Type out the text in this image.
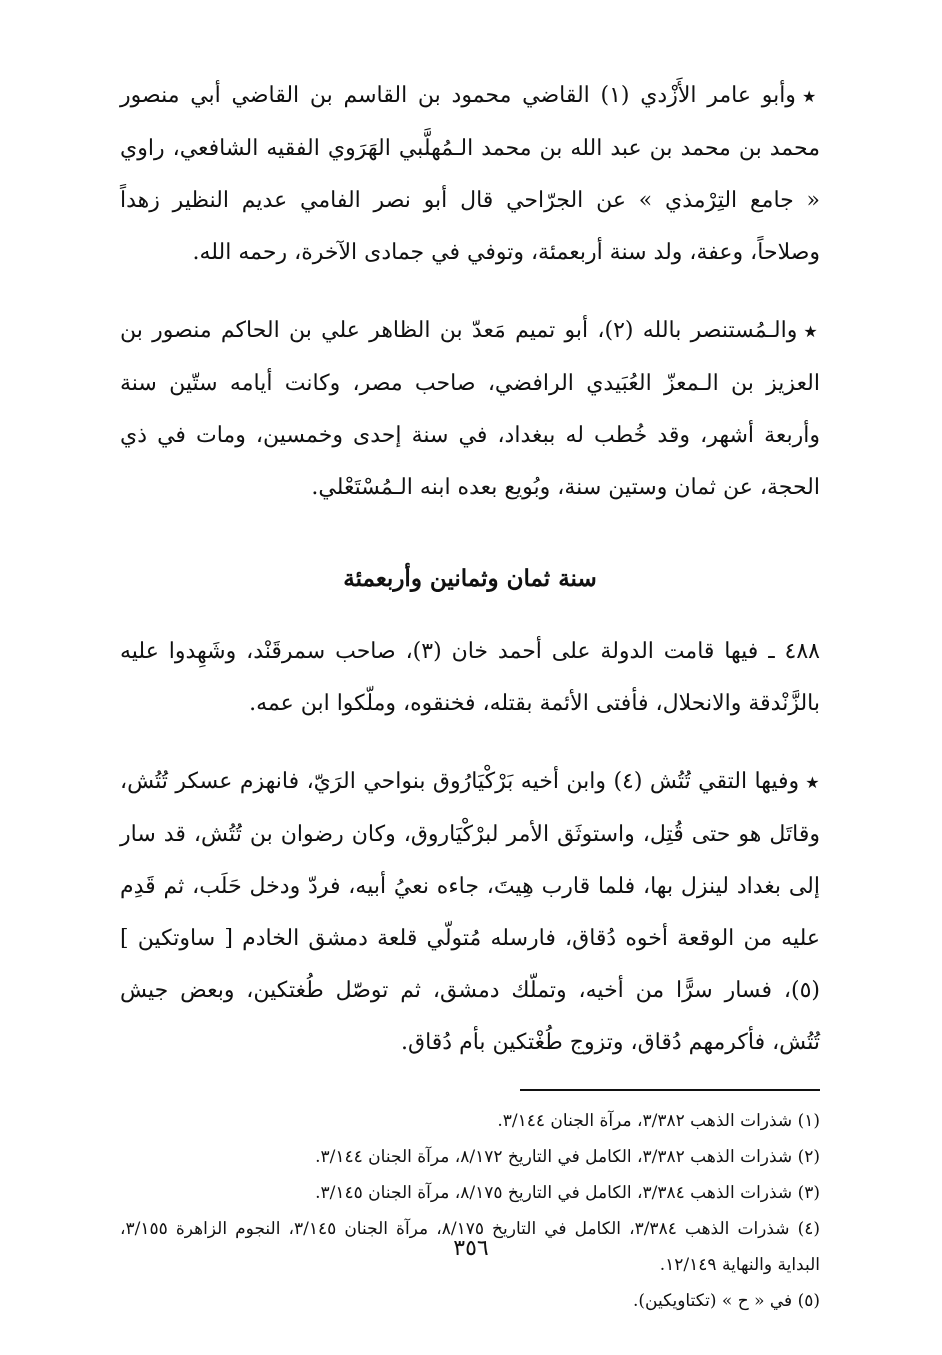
★وأبو عامر الأَزْدي (١) القاضي محمود بن القاسم بن القاضي أبي منصور محمد بن محمد بن عبد الله بن محمد الـمُهلَّبي الهَرَوي الفقيه الشافعي، راوي « جامع التِرْمذي » عن الجرّاحي قال أبو نصر الفامي عديم النظير زهداً وصلاحاً، وعفة، ولد سنة أربعمئة، وتوفي في جمادى الآخرة، رحمه الله.

★والـمُستنصر بالله (٢)، أبو تميم مَعدّ بن الظاهر علي بن الحاكم منصور بن العزيز بن الـمعزّ العُبَيدي الرافضي، صاحب مصر، وكانت أيامه ستّين سنة وأربعة أشهر، وقد خُطب له ببغداد، في سنة إحدى وخمسين، ومات في ذي الحجة، عن ثمان وستين سنة، وبُويع بعده ابنه الـمُسْتَعْلي.

سنة ثمان وثمانين وأربعمئة

٤٨٨ ـ فيها قامت الدولة على أحمد خان (٣)، صاحب سمرقَنْد، وشَهِدوا عليه بالزَّنْدقة والانحلال، فأفتى الأئمة بقتله، فخنقوه، وملّكوا ابن عمه.

★وفيها التقي تُتُش (٤) وابن أخيه بَرْكْيَارُوق بنواحي الرَيّ، فانهزم عسكر تُتُش، وقاتَل هو حتى قُتِل، واستوثَق الأمر لبرْكْيَاروق، وكان رضوان بن تُتُش، قد سار إلى بغداد لينزل بها، فلما قارب هِيتَ، جاءه نعيُ أبيه، فردّ ودخل حَلَب، ثم قَدِم عليه من الوقعة أخوه دُقاق، فارسله مُتولّي قلعة دمشق الخادم [ ساوتكين ] (٥)، فسار سرًّا من أخيه، وتملّك دمشق، ثم توصّل طُغتكين، وبعض جيش تُتُش، فأكرمهم دُقاق، وتزوج طُغْتكين بأم دُقاق.

(١) شذرات الذهب ٣/٣٨٢، مرآة الجنان ٣/١٤٤.

(٢) شذرات الذهب ٣/٣٨٢، الكامل في التاريخ ٨/١٧٢، مرآة الجنان ٣/١٤٤.

(٣) شذرات الذهب ٣/٣٨٤، الكامل في التاريخ ٨/١٧٥، مرآة الجنان ٣/١٤٥.

(٤) شذرات الذهب ٣/٣٨٤، الكامل في التاريخ ٨/١٧٥، مرآة الجنان ٣/١٤٥، النجوم الزاهرة ٣/١٥٥، البداية والنهاية ١٢/١٤٩.

(٥) في « ح » (تكتاويكين).

٣٥٦
